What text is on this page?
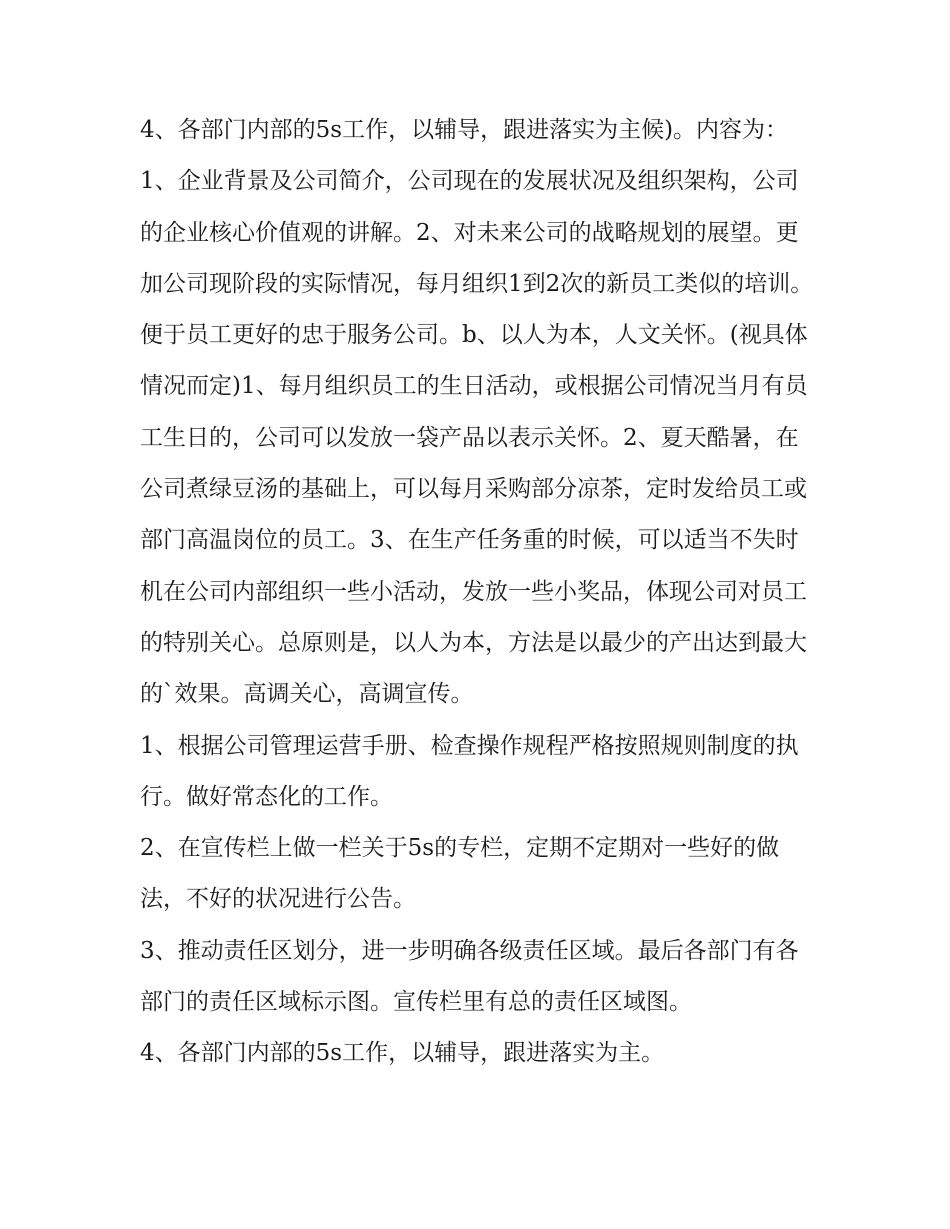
4、各部门内部的5s工作，以辅导，跟进落实为主候)。内容为：1、企业背景及公司简介，公司现在的发展状况及组织架构，公司的企业核心价值观的讲解。2、对未来公司的战略规划的展望。更加公司现阶段的实际情况，每月组织1到2次的新员工类似的培训。便于员工更好的忠于服务公司。b、以人为本，人文关怀。(视具体情况而定)1、每月组织员工的生日活动，或根据公司情况当月有员工生日的，公司可以发放一袋产品以表示关怀。2、夏天酷暑，在公司煮绿豆汤的基础上，可以每月采购部分凉茶，定时发给员工或部门高温岗位的员工。3、在生产任务重的时候，可以适当不失时机在公司内部组织一些小活动，发放一些小奖品，体现公司对员工的特别关心。总原则是，以人为本，方法是以最少的产出达到最大的`效果。高调关心，高调宣传。

1、根据公司管理运营手册、检查操作规程严格按照规则制度的执行。做好常态化的工作。

2、在宣传栏上做一栏关于5s的专栏，定期不定期对一些好的做法，不好的状况进行公告。

3、推动责任区划分，进一步明确各级责任区域。最后各部门有各部门的责任区域标示图。宣传栏里有总的责任区域图。

4、各部门内部的5s工作，以辅导，跟进落实为主。
